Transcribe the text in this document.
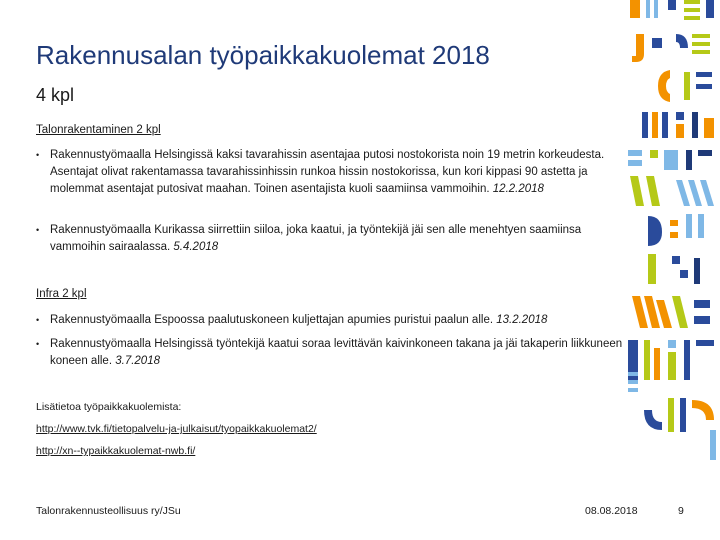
Rakennusalan työpaikkakuolemat 2018
4 kpl
Talonrakentaminen 2 kpl
• Rakennustyömaalla Helsingissä kaksi tavarahissin asentajaa putosi nostokorista noin 19 metrin korkeudesta. Asentajat olivat rakentamassa tavarahissinhissin runkoa hissin nostokorissa, kun kori kippasi 90 astetta ja molemmat asentajat putosivat maahan. Toinen asentajista kuoli saamiinsa vammoihin. 12.2.2018
• Rakennustyömaalla Kurikassa siirrettiin siiloa, joka kaatui, ja työntekijä jäi sen alle menehtyen saamiinsa vammoihin sairaalassa. 5.4.2018
Infra 2 kpl
• Rakennustyömaalla Espoossa paalutuskoneen kuljettajan apumies puristui paalun alle. 13.2.2018
• Rakennustyömaalla Helsingissä työntekijä kaatui soraa levittävän kaivinkoneen takana ja jäi takaperin liikkuneen koneen alle. 3.7.2018
Lisätietoa työpaikkakuolemista:
http://www.tvk.fi/tietopalvelu-ja-julkaisut/tyopaikkakuolemat2/
http://xn--typaikkakuolemat-nwb.fi/
Talonrakennusteollisuus ry/JSu	08.08.2018	9
